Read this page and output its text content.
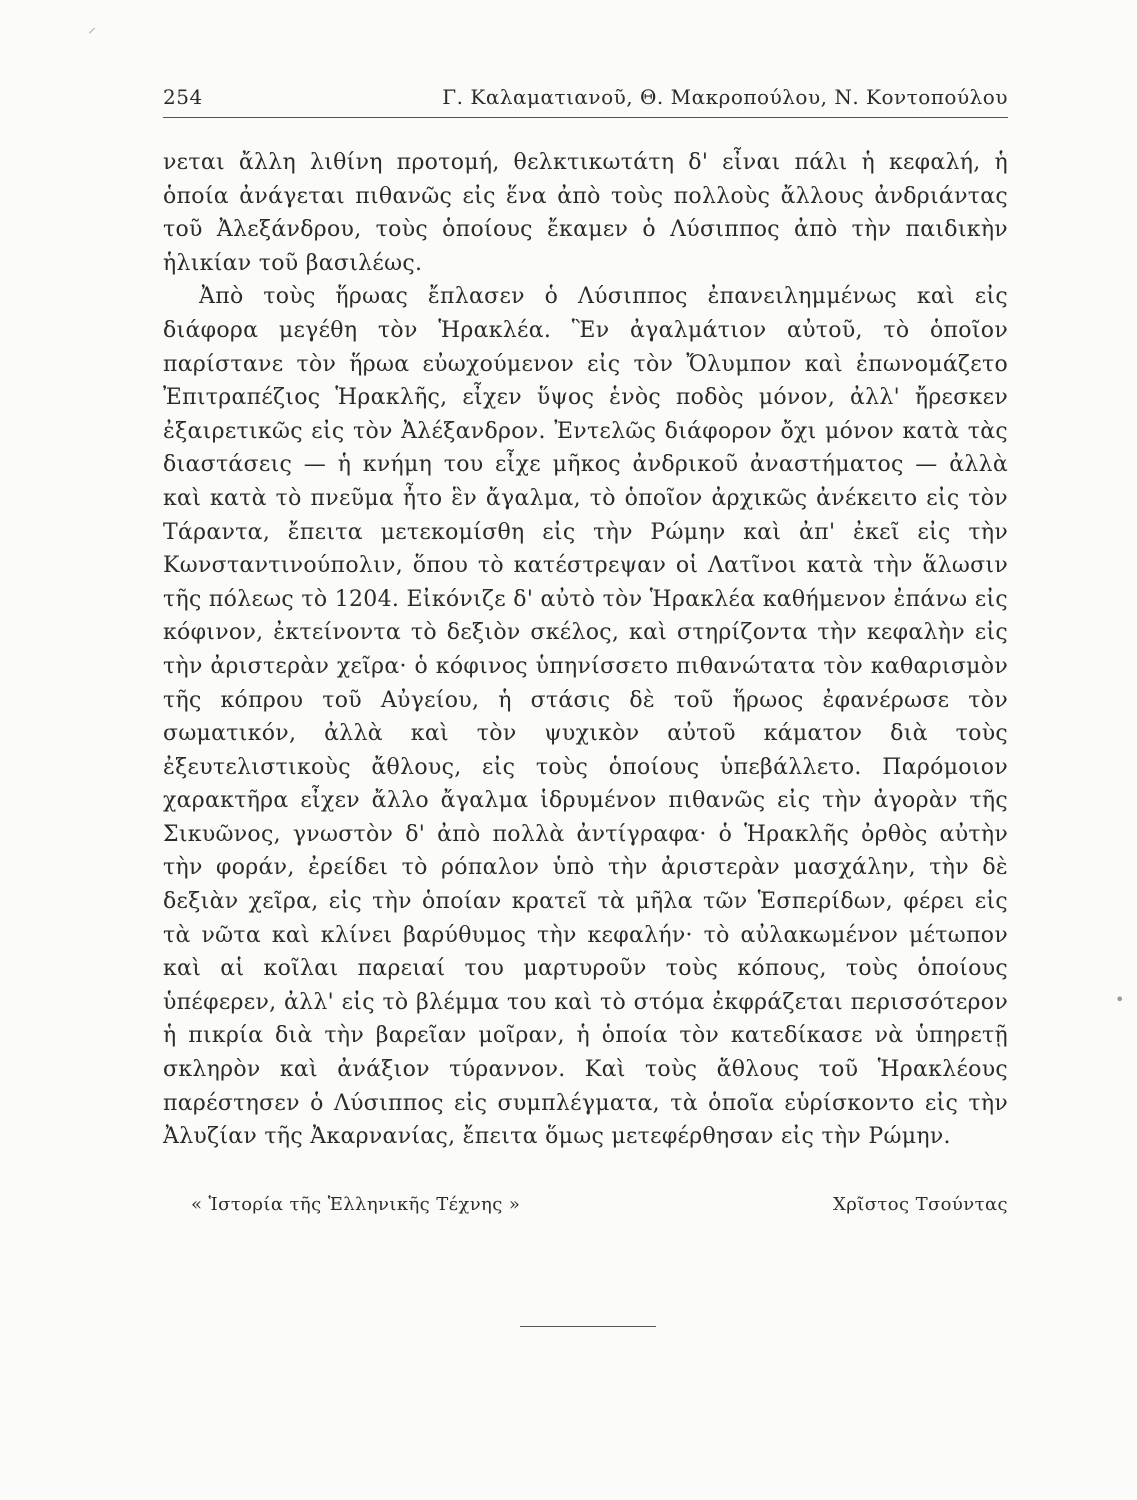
254	Γ. Καλαματιανοῦ, Θ. Μακροπούλου, Ν. Κοντοπούλου

νεται ἄλλη λιθίνη προτομή, θελκτικωτάτη δ' εἶναι πάλι ἡ κεφαλή, ἡ ὁποία ἀνάγεται πιθανῶς εἰς ἕνα ἀπὸ τοὺς πολλοὺς ἄλλους ἀνδριάντας τοῦ Ἀλεξάνδρου, τοὺς ὁποίους ἔκαμεν ὁ Λύσιππος ἀπὸ τὴν παιδικὴν ἡλικίαν τοῦ βασιλέως.

Ἀπὸ τοὺς ἥρωας ἔπλασεν ὁ Λύσιππος ἐπανειλημμένως καὶ εἰς διάφορα μεγέθη τὸν Ἡρακλέα. Ἓν ἀγαλμάτιον αὐτοῦ, τὸ ὁποῖον παρίστανε τὸν ἥρωα εὐωχούμενον εἰς τὸν Ὄλυμπον καὶ ἐπωνομάζετο Ἐπιτραπέζιος Ἡρακλῆς, εἶχεν ὕψος ἑνὸς ποδὸς μόνον, ἀλλ' ἤρεσκεν ἐξαιρετικῶς εἰς τὸν Ἀλέξανδρον. Ἐντελῶς διάφορον ὄχι μόνον κατὰ τὰς διαστάσεις — ἡ κνήμη του εἶχε μῆκος ἀνδρικοῦ ἀναστήματος — ἀλλὰ καὶ κατὰ τὸ πνεῦμα ἦτο ἓν ἄγαλμα, τὸ ὁποῖον ἀρχικῶς ἀνέκειτο εἰς τὸν Τάραντα, ἔπειτα μετεκομίσθη εἰς τὴν Ρώμην καὶ ἀπ' ἐκεῖ εἰς τὴν Κωνσταντινούπολιν, ὅπου τὸ κατέστρεψαν οἱ Λατῖνοι κατὰ τὴν ἅλωσιν τῆς πόλεως τὸ 1204. Εἰκόνιζε δ' αὐτὸ τὸν Ἡρακλέα καθήμενον ἐπάνω εἰς κόφινον, ἐκτείνοντα τὸ δεξιὸν σκέλος, καὶ στηρίζοντα τὴν κεφαλὴν εἰς τὴν ἀριστερὰν χεῖρα· ὁ κόφινος ὑπηνίσσετο πιθανώτατα τὸν καθαρισμὸν τῆς κόπρου τοῦ Αὐγείου, ἡ στάσις δὲ τοῦ ἥρωος ἐφανέρωσε τὸν σωματικόν, ἀλλὰ καὶ τὸν ψυχικὸν αὐτοῦ κάματον διὰ τοὺς ἐξευτελιστικοὺς ἄθλους, εἰς τοὺς ὁποίους ὑπεβάλλετο. Παρόμοιον χαρακτῆρα εἶχεν ἄλλο ἄγαλμα ἱδρυμένον πιθανῶς εἰς τὴν ἀγορὰν τῆς Σικυῶνος, γνωστὸν δ' ἀπὸ πολλὰ ἀντίγραφα· ὁ Ἡρακλῆς ὀρθὸς αὐτὴν τὴν φοράν, ἐρείδει τὸ ρόπαλον ὑπὸ τὴν ἀριστερὰν μασχάλην, τὴν δὲ δεξιὰν χεῖρα, εἰς τὴν ὁποίαν κρατεῖ τὰ μῆλα τῶν Ἑσπερίδων, φέρει εἰς τὰ νῶτα καὶ κλίνει βαρύθυμος τὴν κεφαλήν· τὸ αὐλακωμένον μέτωπον καὶ αἱ κοῖλαι παρειαί του μαρτυροῦν τοὺς κόπους, τοὺς ὁποίους ὑπέφερεν, ἀλλ' εἰς τὸ βλέμμα του καὶ τὸ στόμα ἐκφράζεται περισσότερον ἡ πικρία διὰ τὴν βαρεῖαν μοῖραν, ἡ ὁποία τὸν κατεδίκασε νὰ ὑπηρετῇ σκληρὸν καὶ ἀνάξιον τύραννον. Καὶ τοὺς ἄθλους τοῦ Ἡρακλέους παρέστησεν ὁ Λύσιππος εἰς συμπλέγματα, τὰ ὁποῖα εὑρίσκοντο εἰς τὴν Ἀλυζίαν τῆς Ἀκαρνανίας, ἔπειτα ὅμως μετεφέρθησαν εἰς τὴν Ρώμην.

« Ἱστορία τῆς Ἑλληνικῆς Τέχνης »	Χρῖστος Τσούντας
⸍
•
